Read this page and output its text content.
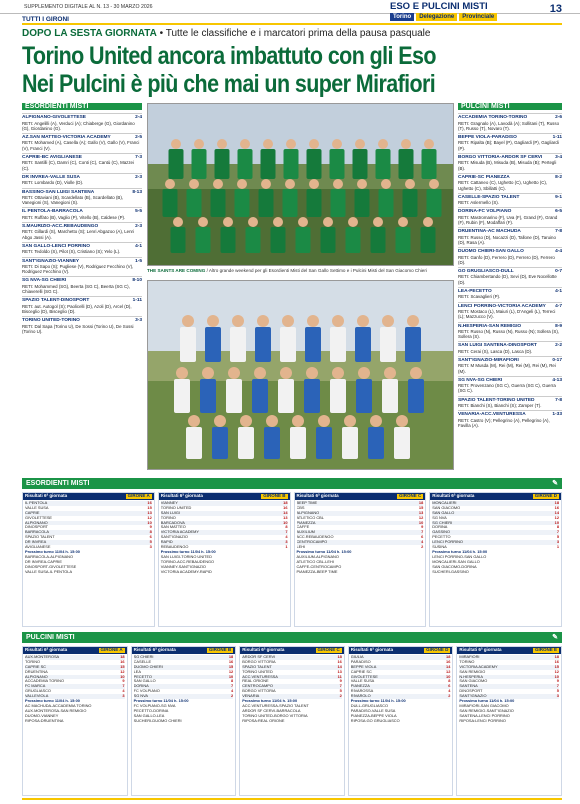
SUPPLEMENTO DIGITALE AL N. 13 - 30 MARZO 2026	ESO E PULCINI MISTI
Torino	Delegazione	Provinciale
13
TUTTI I GIRONI
DOPO LA SESTA GIORNATA • Tutte le classifiche e i marcatori prima della pausa pasquale
Torino United ancora imbattuto con gli Eso
Nei Pulcini è più che mai un super Mirafiori
ESORDIENTI MISTI
ALPIGNANO-GIVOLETTESE	2-4
RETI: Angelilli (A), Verduci (A); Chiaberge (G), Giordanino (G), Giordanino (G).
AZ.SAN MATTEO-VICTORIA ACADEMY	2-5
RETI: Mohamed (A), Casella (A); Gallo (V), Gallo (V), Franci (V), Franci (V).
CAPRIE-BC AVIGLIANESE	7-3
RETI: Santilli (C), Damri (C), Conti (C), Cantù (C), Mazzei (C).
DR INVREA-VALLE SUSA	2-3
RETI: Lombardo (D), Violle (D).
BASSINO-SAN LUIGI SANTENA	8-13
RETI: Ottaviani (B), Scardellato (B), Scardellato (B), Vanegioni (S), Vanegioni (S).
IL PENTOLA-BARRACOLA	5-5
RETI: Ruffato (B), Vaglio (P), Vitello (B), Caldese (P).
S.MAURIZIO-ACC.REBAUDENGO	2-3
RETI: Gillardi (S), Marchetto (S); Lenri Abgazoo (A), Lenri Abgo Jassi (A).
SAN GALLO-LENCI PORRINO	4-1
RETI: Tedoldo (S), Pilot (S), Cristiano (S); Yelo (L).
SANT'IGNAZIO-VIANNEY	1-5
RETI: Di Sapo (S); Pugliese (V), Rodriguez Fecchino (V), Rodriguez Fecchino (V).
SG NVA-SG CHIERI	8-10
RETI: Mohammed (SG), Beerta (SG C), Beerta (SG C), Chiaverelli (SG C).
SPAZIO TALENT-DINOSPORT	1-11
RETI: aut. Autogol (S); Paolicelli (D), Azoli (D), Arcel (D), Bisceglio (D), Bisceglio (D).
TORINO UNITED-TORINO	3-3
RETI: Dal Sapa (Torino U), De Sossi (Torino U), De Sossi (Torino U).
THE SAINTS ARE COMING / Altro grande weekend per gli Esordienti Misti del San Gallo Settimo e i Pulcini Misti del San Giacomo Chieri
PULCINI MISTI
ACCADEMIA TORINO-TORINO	2-6
RETI: Gragnalo (A), Lavodà (A); Sollitani (T), Russo (T), Russo (T), Novaro (T).
BEPPE VIOLA-PARADISO	1-11
RETI: Ripalta (B); Bayel (P), Gagliardi (P), Gagliardi (P).
BORGO VITTORIA-ARDOR SF CERVI	3-4
RETI: Misuda (B), Misuda (B), Misuda (B); Pertegli (B).
CAPRIE-SC PIANEZZA	8-2
RETI: Cattaneo (C), Ughetto (C), Ughetto (C), Ughetto (C), Sbillatti (C).
CASELLE-SPAZIO TALENT	9-1
RETI: Aslermello (S).
DORINA-FC VOLPIANO	6-5
RETI: Mastromarino (F), Uva (F), Grand (F), Grand (F), Rubin (F), Modaffari (F).
DRUENTINA-AC MACHUDA	7-8
RETI: Russo (D), Nocazzi (D), Tallone (D), Taruino (D), Rasa (A).
DUOMO CHIERI-SAN GALLO	4-4
RETI: Ganfo (D), Ferrero (D), Ferrero (D), Ferrero (D).
GO GRUGLIASCO-DULL	0-7
RETI: Chiambertando (D), Sevi (D), Eve Nocellotte (D).
LEA-PECETTO	4-1
RETI: Scavaglieri (P).
LENCI PORRINO-VICTORIA ACADEMY 4-7
RETI: Mostaco (L), Maiuri (L), D'Angeli (L), Terreci (L); Mazzucco (V).
N.HESPERIA-SAN REMIGIO	8-9
RETI: Russo (N), Russo (N), Russo (N); Sollera (S), Sollera (S).
SAN LUIGI SANTENA-DINOSPORT	2-2
RETI: Cerai (S), Lasca (D), Lasca (D).
SANT'IGNAZIO-MIRAFIORI	0-17
RETI: M Musda (M), Rei (M), Rei (M), Rei (M), Rei (M).
SG NVA-SG CHIERI	4-13
RETI: Provenzano (SG C), Guerra (SG C), Guerra (SG C).
SPAZIO TALENT-TORINO UNITED	7-8
RETI: Bianchi (S), Bianchi (S); Zamper (T).
VENARIA-ACC.VENTURESSA	1-33
RETI: Castro (V); Pellegrino (A), Pellegrino (A), Favilla (A).
ESORDIENTI MISTI	✎
Risultati 6ª giornata	GIRONE A
IL PENTOLA	16
VALLE SUSA	15
CAPRIE	13
GIVOLETTESE	12
ALPIGNANO	10
DINOSPORT	9
BARRACOLA	8
SPAZIO TALENT	6
DR INVREA	5
AVIGLIANESE	3
Prossimo turno 11/04 h. 15:00
BARRACOLA-ALPIGNANO
DR INVREA-CAPRIE
DINOSPORT-GIVOLETTESE
VALLE SUSA-IL PENTOLA
Risultati 6ª giornata	GIRONE B
VIANNEY	18
TORINO UNITED	16
SAN LUIGI	14
TORINO	13
BARCADOVA	10
SAN MATTEO	8
VICTORIA ACADEMY	7
SANT'IGNAZIO	4
RAPID	3
REBAUDENGO	1
Prossimo turno 11/04 h. 15:00
SAN LUIGI-TORINO UNITED
TORINO-ACC.REBAUDENGO
VIANNEY-SANT'IGNAZIO
VICTORIA ACADEMY-RAPID
Risultati 6ª giornata	GIRONE C
BEEP TIME	18
CBS	15
ALPIGNANO	13
ATLETICO CBL	12
PIANEZZA	10
CAFFE	9
AUXILIUM	7
ACC.REBAUDENGO	6
CENTROCAMPO	4
LEHI	2
Prossimo turno 11/04 h. 15:00
AUXILIUM-ALPIGNANO
ATLETICO CBL-LEHI
CAFFE-CENTROCAMPO
PIANEZZA-BEEP TIME
Risultati 6ª giornata	GIRONE D
MONCALIERI	18
SAN GIACOMO	16
SAN GALLO	14
SG NVA	12
SG CHIERI	10
DORINA	8
GASSINO	7
PECETTO	5
LENCI PORRINO	3
SUSINA	1
Prossimo turno 11/04 h. 15:00
LENCI PORRINO-SAN GALLO
MONCALIERI-SAN GALLO
SAN GIACOMO-DORINA
SUCHERI-GASSINO
PULCINI MISTI	✎
Risultati 6ª giornata	GIRONE A
AUX.MONTEROSA	18
TORINO	16
CAPRIE SC	15
DRUENTINA	12
ALPIGNANO	10
ACCADEMIA TORINO	9
FC MARCA	7
GRUGLIASCO	4
VALLEVIOLA	3
Prossimo turno 11/04 h. 15:00
AC MACHUDA-ACCADEMIA TORINO
AUX.MONTEROSA-SAN REMIGIO
DUOMO-VIANNEY
RIPOSA:DRUENTINA
Risultati 6ª giornata	GIRONE B
SG CHIERI	18
CASELLE	16
DUOMO CHIERI	15
LEA	12
PECETTO	10
SAN GALLO	8
DORINA	7
FC VOLPIANO	4
SG NVA	2
Prossimo turno 11/04 h. 15:00
FC VOLPIANO-SG NVA
PECETTO-DORINA
SAN GALLO-LEA
SUCHERI-DUOMO CHIERI
Risultati 6ª giornata	GIRONE C
ARDOR SF CERVI	18
BORGO VITTORIA	16
SPAZIO TALENT	14
TORINO UNITED	13
ACC.VENTURESSA	11
REAL ORIONE	9
CENTROCAMPO	7
BORGO VITTORIA	5
VENARIA	2
Prossimo turno 11/04 h. 15:00
ACC.VENTURESSA-SPAZIO TALENT
ARDOR SF CERVI-BARRACOLA
TORINO UNITED-BORGO VITTORIA
RIPOSA:REAL ORIONE
Risultati 6ª giornata	GIRONE D
GIULIA	18
PARADISO	16
BEPPE VIOLA	14
CAPRIE SC	12
GIVOLETTESE	10
VALLE SUSA	8
PIANEZZA	6
RIVAROSSA	4
RIVAROLO	2
Prossimo turno 11/04 h. 15:00
DULL-GRUGLIASCO
PARADISO-VALLE SUSA
PIANEZZA-BEPPE VIOLA
RIPOSA:GO GRUGLIASCO
Risultati 6ª giornata	GIRONE E
MIRAFIORI	18
TORINO	16
VICTORIA ACADEMY	15
SAN REMIGIO	12
N.HESPERIA	10
SAN GIACOMO	9
SANTENA	7
DINOSPORT	5
SANT'IGNAZIO	3
Prossimo turno 11/04 h. 15:00
MIRAFIORI-SAN GIACOMO
SAN REMIGIO-SANT'IGNAZIO
SANTENA-LENCI PORRINO
RIPOSA:LENCI PORRINO
